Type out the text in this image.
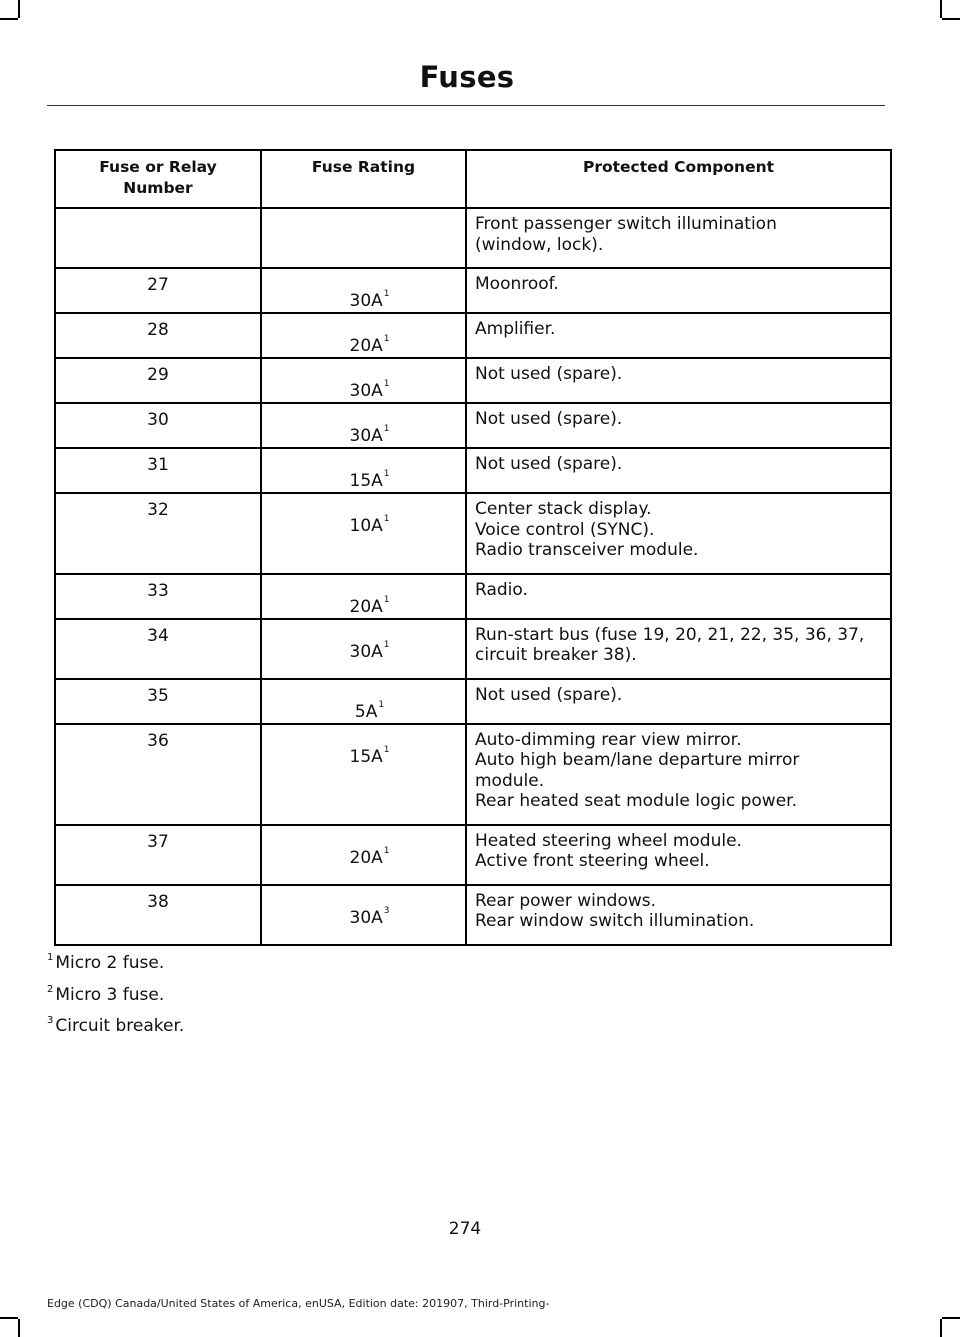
Fuses
Fuse or Relay Number	Fuse Rating	Protected Component

		Front passenger switch illumination
(window, lock).

27	$30A^1$	Moonroof.

28	$20A^1$	Amplifier.

29	$30A^1$	Not used (spare).

30	$30A^1$	Not used (spare).

31	$15A^1$	Not used (spare).

32	$10A^1$	Center stack display.
Voice control (SYNC).
Radio transceiver module.

33	$20A^1$	Radio.

34	$30A^1$	Run-start bus (fuse 19, 20, 21, 22, 35, 36, 37,
circuit breaker 38).

35	$5A^1$	Not used (spare).

36	$15A^1$	Auto-dimming rear view mirror.
Auto high beam/lane departure mirror
module.
Rear heated seat module logic power.

37	$20A^1$	Heated steering wheel module.
Active front steering wheel.

38	$30A^3$	Rear power windows.
Rear window switch illumination.
$^1$ Micro 2 fuse.
$^2$ Micro 3 fuse.
$^3$ Circuit breaker.
274
Edge (CDQ) Canada/United States of America, enUSA, Edition date: 201907, Third-Printing-
